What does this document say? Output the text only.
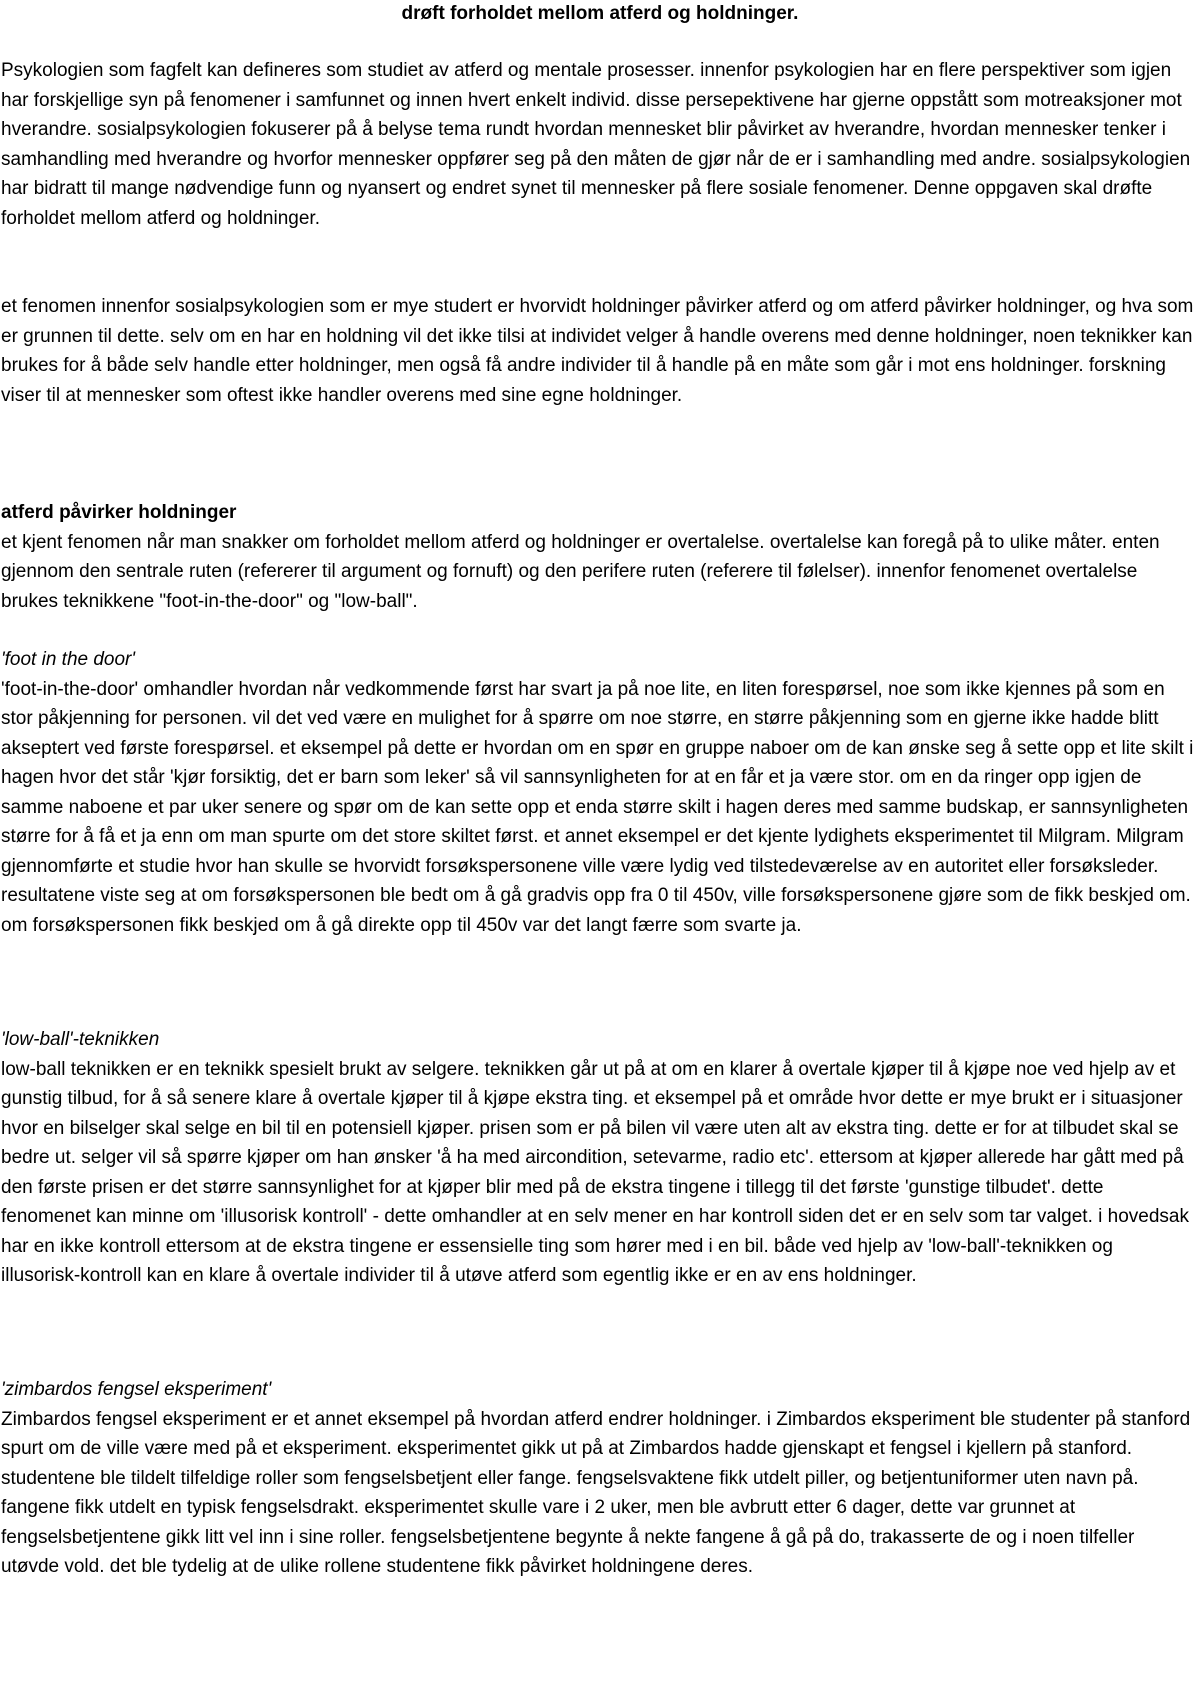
drøft forholdet mellom atferd og holdninger.

Psykologien som fagfelt kan defineres som studiet av atferd og mentale prosesser. innenfor psykologien har en flere perspektiver som igjen har forskjellige syn på fenomener i samfunnet og innen hvert enkelt individ. disse persepektivene har gjerne oppstått som motreaksjoner mot hverandre. sosialpsykologien fokuserer på å belyse tema rundt hvordan mennesket blir påvirket av hverandre, hvordan mennesker tenker i samhandling med hverandre og hvorfor mennesker oppfører seg på den måten de gjør når de er i samhandling med andre. sosialpsykologien har bidratt til mange nødvendige funn og nyansert og endret synet til mennesker på flere sosiale fenomener. Denne oppgaven skal drøfte forholdet mellom atferd og holdninger.

et fenomen innenfor sosialpsykologien som er mye studert er hvorvidt holdninger påvirker atferd og om atferd påvirker holdninger, og hva som er grunnen til dette. selv om en har en holdning vil det ikke tilsi at individet velger å handle overens med denne holdninger, noen teknikker kan brukes for å både selv handle etter holdninger, men også få andre individer til å handle på en måte som går i mot ens holdninger. forskning viser til at mennesker som oftest ikke handler overens med sine egne holdninger.

atferd påvirker holdninger

et kjent fenomen når man snakker om forholdet mellom atferd og holdninger er overtalelse. overtalelse kan foregå på to ulike måter. enten gjennom den sentrale ruten (refererer til argument og fornuft) og den perifere ruten (referere til følelser). innenfor fenomenet overtalelse brukes teknikkene "foot-in-the-door" og "low-ball".

'foot in the door'

'foot-in-the-door' omhandler hvordan når vedkommende først har svart ja på noe lite, en liten forespørsel, noe som ikke kjennes på som en stor påkjenning for personen. vil det ved være en mulighet for å spørre om noe større, en større påkjenning som en gjerne ikke hadde blitt akseptert ved første forespørsel. et eksempel på dette er hvordan om en spør en gruppe naboer om de kan ønske seg å sette opp et lite skilt i hagen hvor det står 'kjør forsiktig, det er barn som leker' så vil sannsynligheten for at en får et ja være stor. om en da ringer opp igjen de samme naboene et par uker senere og spør om de kan sette opp et enda større skilt i hagen deres med samme budskap, er sannsynligheten større for å få et ja enn om man spurte om det store skiltet først. et annet eksempel er det kjente lydighets eksperimentet til Milgram. Milgram gjennomførte et studie hvor han skulle se hvorvidt forsøkspersonene ville være lydig ved tilstedeværelse av en autoritet eller forsøksleder. resultatene viste seg at om forsøkspersonen ble bedt om å gå gradvis opp fra 0 til 450v, ville forsøkspersonene gjøre som de fikk beskjed om. om forsøkspersonen fikk beskjed om å gå direkte opp til 450v var det langt færre som svarte ja.

'low-ball'-teknikken

low-ball teknikken er en teknikk spesielt brukt av selgere. teknikken går ut på at om en klarer å overtale kjøper til å kjøpe noe ved hjelp av et gunstig tilbud, for å så senere klare å overtale kjøper til å kjøpe ekstra ting. et eksempel på et område hvor dette er mye brukt er i situasjoner hvor en bilselger skal selge en bil til en potensiell kjøper. prisen som er på bilen vil være uten alt av ekstra ting. dette er for at tilbudet skal se bedre ut. selger vil så spørre kjøper om han ønsker 'å ha med aircondition, setevarme, radio etc'. ettersom at kjøper allerede har gått med på den første prisen er det større sannsynlighet for at kjøper blir med på de ekstra tingene i tillegg til det første 'gunstige tilbudet'. dette fenomenet kan minne om 'illusorisk kontroll' - dette omhandler at en selv mener en har kontroll siden det er en selv som tar valget. i hovedsak har en ikke kontroll ettersom at de ekstra tingene er essensielle ting som hører med i en bil. både ved hjelp av 'low-ball'-teknikken og illusorisk-kontroll kan en klare å overtale individer til å utøve atferd som egentlig ikke er en av ens holdninger.

'zimbardos fengsel eksperiment'

Zimbardos fengsel eksperiment er et annet eksempel på hvordan atferd endrer holdninger. i Zimbardos eksperiment ble studenter på stanford spurt om de ville være med på et eksperiment. eksperimentet gikk ut på at Zimbardos hadde gjenskapt et fengsel i kjellern på stanford. studentene ble tildelt tilfeldige roller som fengselsbetjent eller fange. fengselsvaktene fikk utdelt piller, og betjentuniformer uten navn på. fangene fikk utdelt en typisk fengselsdrakt. eksperimentet skulle vare i 2 uker, men ble avbrutt etter 6 dager, dette var grunnet at fengselsbetjentene gikk litt vel inn i sine roller. fengselsbetjentene begynte å nekte fangene å gå på do, trakasserte de og i noen tilfeller utøvde vold. det ble tydelig at de ulike rollene studentene fikk påvirket holdningene deres.
